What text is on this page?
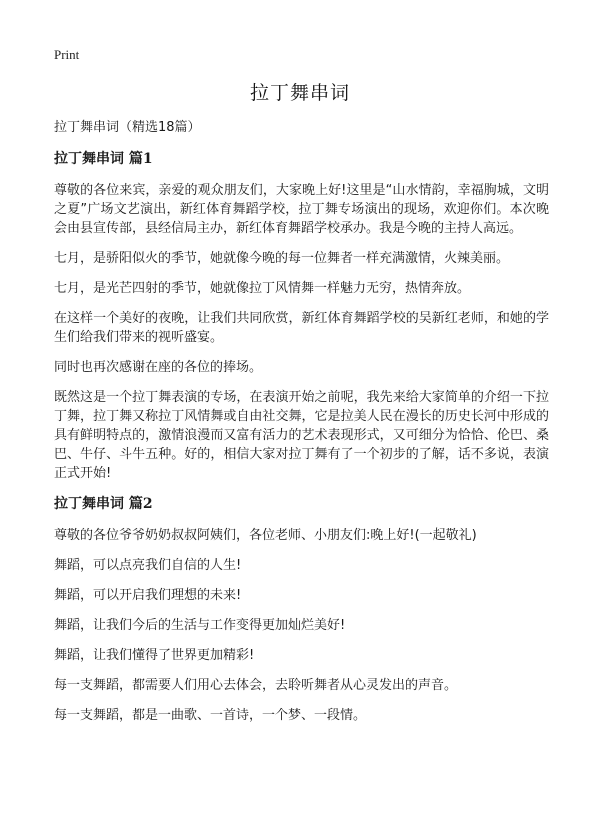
Print
拉丁舞串词
拉丁舞串词（精选18篇）
拉丁舞串词 篇1

尊敬的各位来宾，亲爱的观众朋友们，大家晚上好!这里是“山水情韵，幸福朐城，文明之夏”广场文艺演出，新红体育舞蹈学校，拉丁舞专场演出的现场，欢迎你们。本次晚会由县宣传部，县经信局主办，新红体育舞蹈学校承办。我是今晚的主持人高远。

七月，是骄阳似火的季节，她就像今晚的每一位舞者一样充满激情，火辣美丽。

七月，是光芒四射的季节，她就像拉丁风情舞一样魅力无穷，热情奔放。

在这样一个美好的夜晚，让我们共同欣赏，新红体育舞蹈学校的吴新红老师，和她的学生们给我们带来的视听盛宴。

同时也再次感谢在座的各位的捧场。

既然这是一个拉丁舞表演的专场，在表演开始之前呢，我先来给大家简单的介绍一下拉丁舞，拉丁舞又称拉丁风情舞或自由社交舞，它是拉美人民在漫长的历史长河中形成的具有鲜明特点的，激情浪漫而又富有活力的艺术表现形式，又可细分为恰恰、伦巴、桑巴、牛仔、斗牛五种。好的，相信大家对拉丁舞有了一个初步的了解，话不多说，表演正式开始!

拉丁舞串词 篇2

尊敬的各位爷爷奶奶叔叔阿姨们，各位老师、小朋友们:晚上好!(一起敬礼)

舞蹈，可以点亮我们自信的人生!

舞蹈，可以开启我们理想的未来!

舞蹈，让我们今后的生活与工作变得更加灿烂美好!

舞蹈，让我们懂得了世界更加精彩!

每一支舞蹈，都需要人们用心去体会，去聆听舞者从心灵发出的声音。

每一支舞蹈，都是一曲歌、一首诗，一个梦、一段情。
